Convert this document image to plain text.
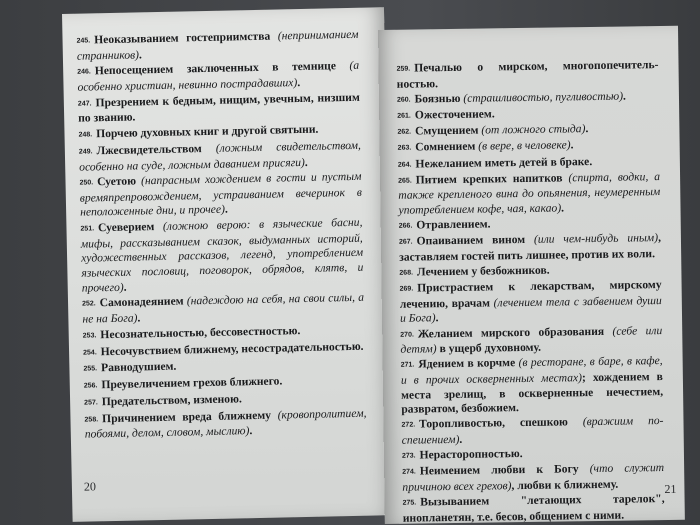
245. Неоказыванием гостеприимства (неприниманием странников).

246. Непосещением заключенных в темнице (а особенно христиан, невинно пострадавших).

247. Презрением к бедным, нищим, увечным, низшим по званию.

248. Порчею духовных книг и другой святыни.

249. Лжесвидетельством (ложным свидетельством, особенно на суде, ложным даванием присяги).

250. Суетою (напрасным хождением в гости и пустым времяпрепровождением, устраиванием вечеринок в неположенные дни, и прочее).

251. Суеверием (ложною верою: в языческие басни, мифы, рассказыванием сказок, выдуманных историй, художественных рассказов, легенд, употреблением языческих пословиц, поговорок, обрядов, клятв, и прочего).

252. Самонадеянием (надеждою на себя, на свои силы, а не на Бога).

253. Несознательностью, бессовестностью.

254. Несочувствием ближнему, несострадательностью.

255. Равнодушием.

256. Преувеличением грехов ближнего.

257. Предательством, изменою.

258. Причинением вреда ближнему (кровопролитием, побоями, делом, словом, мыслию).

20

259. Печалью о мирском, многопопечительностью.

260. Боязнью (страшливостью, пугливостью).

261. Ожесточением.

262. Смущением (от ложного стыда).

263. Сомнением (в вере, в человеке).

264. Нежеланием иметь детей в браке.

265. Питием крепких напитков (спирта, водки, а также крепленого вина до опьянения, неумеренным употреблением кофе, чая, какао).

266. Отравлением.

267. Опаиванием вином (или чем-нибудь иным), заставляем гостей пить лишнее, против их воли.

268. Лечением у безбожников.

269. Пристрастием к лекарствам, мирскому лечению, врачам (лечением тела с забвением души и Бога).

270. Желанием мирского образования (себе или детям) в ущерб духовному.

271. Ядением в корчме (в ресторане, в баре, в кафе, и в прочих оскверненных местах); хождением в места зрелищ, в оскверненные нечестием, развратом, безбожием.

272. Торопливостью, спешкою (вражиим поспешением).

273. Нерасторопностью.

274. Неимением любви к Богу (что служит причиною всех грехов), любви к ближнему.

275. Вызыванием "летающих тарелок", инопланетян, т.е. бесов, общением с ними.

21
